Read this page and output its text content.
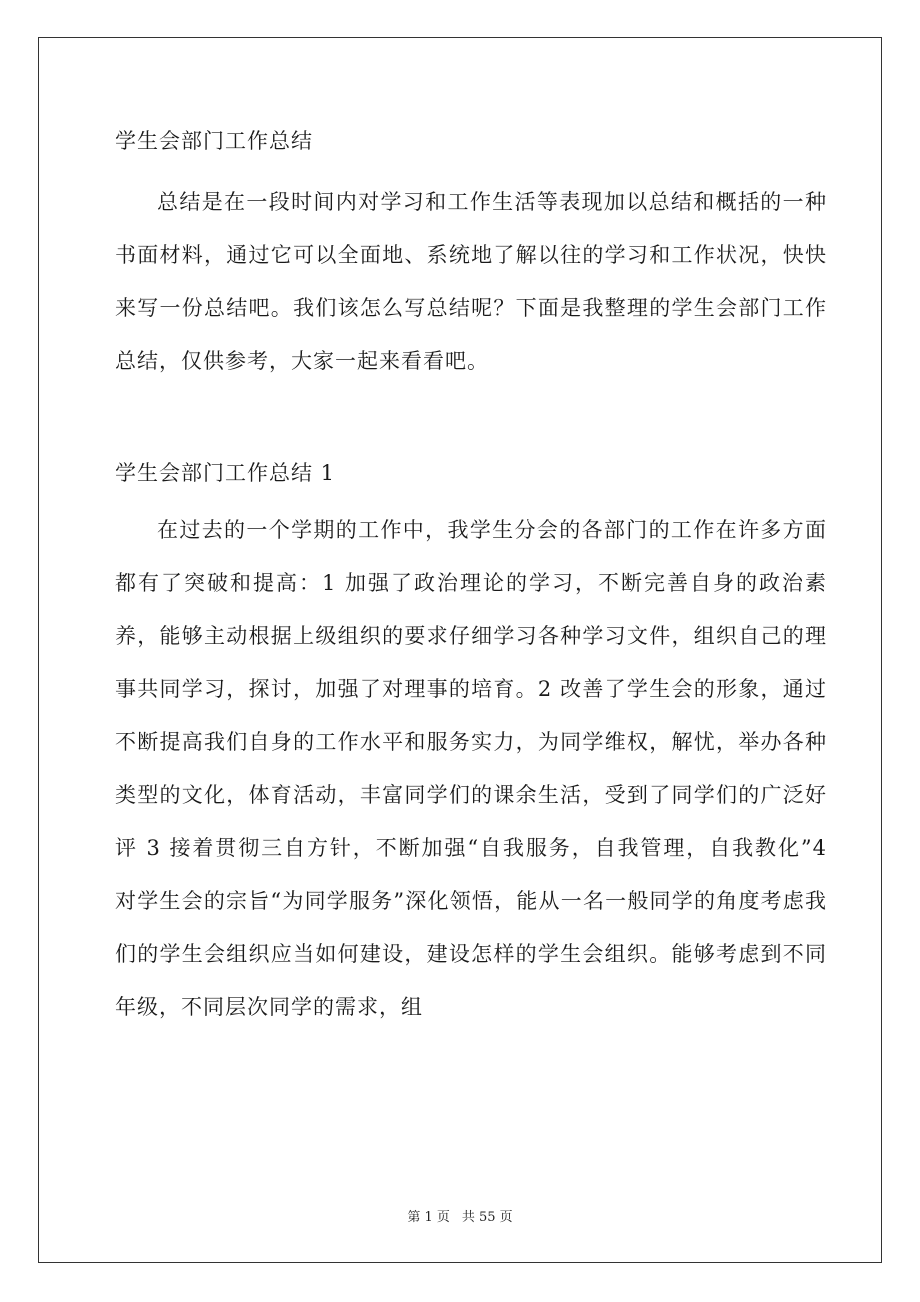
学生会部门工作总结

总结是在一段时间内对学习和工作生活等表现加以总结和概括的一种书面材料，通过它可以全面地、系统地了解以往的学习和工作状况，快快来写一份总结吧。我们该怎么写总结呢？下面是我整理的学生会部门工作总结，仅供参考，大家一起来看看吧。

学生会部门工作总结 1

在过去的一个学期的工作中，我学生分会的各部门的工作在许多方面都有了突破和提高：1 加强了政治理论的学习，不断完善自身的政治素养，能够主动根据上级组织的要求仔细学习各种学习文件，组织自己的理事共同学习，探讨，加强了对理事的培育。2 改善了学生会的形象，通过不断提高我们自身的工作水平和服务实力，为同学维权，解忧，举办各种类型的文化，体育活动，丰富同学们的课余生活，受到了同学们的广泛好评 3 接着贯彻三自方针，不断加强“自我服务，自我管理，自我教化”4 对学生会的宗旨“为同学服务”深化领悟，能从一名一般同学的角度考虑我们的学生会组织应当如何建设，建设怎样的学生会组织。能够考虑到不同年级，不同层次同学的需求，组

第 1 页 共 55 页
